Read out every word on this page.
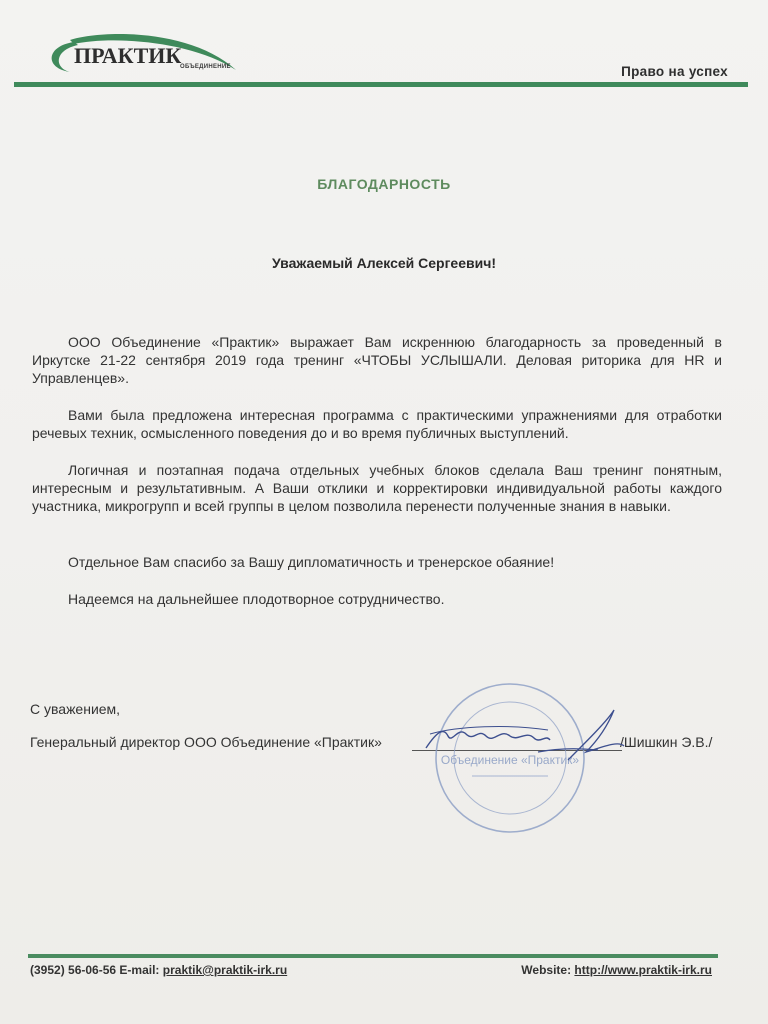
ПРАКТИК
ОБЪЕДИНЕНИЕ	Право на успех
БЛАГОДАРНОСТЬ
Уважаемый Алексей Сергеевич!
ООО Объединение «Практик» выражает Вам искреннюю благодарность за проведенный в Иркутске 21-22 сентября 2019 года тренинг «ЧТОБЫ УСЛЫШАЛИ. Деловая риторика для HR и Управленцев».
Вами была предложена интересная программа с практическими упражнениями для отработки речевых техник, осмысленного поведения до и во время публичных выступлений.
Логичная и поэтапная подача отдельных учебных блоков сделала Ваш тренинг понятным, интересным и результативным. А Ваши отклики и корректировки индивидуальной работы каждого участника, микрогрупп и всей группы в целом позволила перенести полученные знания в навыки.
Отдельное Вам спасибо за Вашу дипломатичность и тренерское обаяние!
Надеемся на дальнейшее плодотворное сотрудничество.
С уважением,
Генеральный директор ООО Объединение «Практик»	/Шишкин Э.В./
Объединение «Практик»
(3952) 56-06-56 E-mail: praktik@praktik-irk.ru	Website: http://www.praktik-irk.ru
